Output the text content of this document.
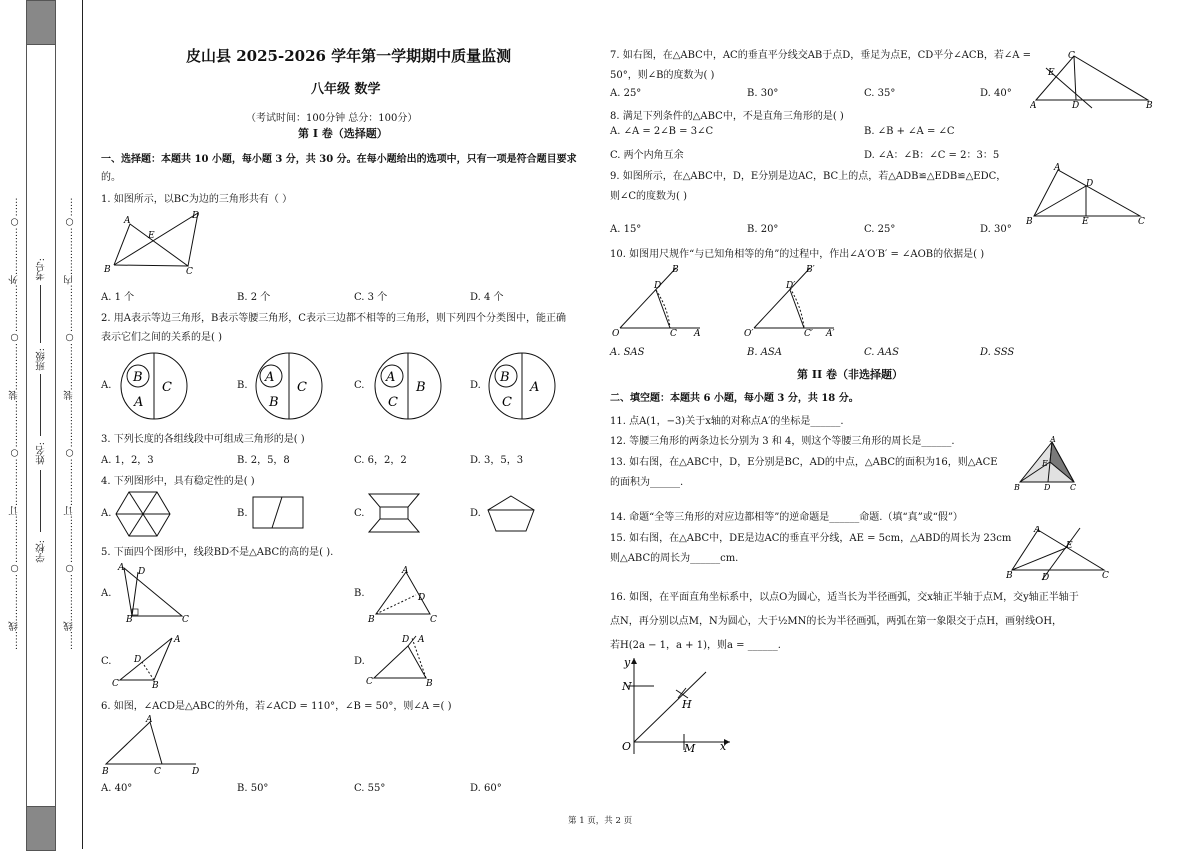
……线……………○……………订……………○……………装……………○……………外……………○…… 学校:
姓名:
班级:
考号: ……线……………○……………订……………○……………装……………○……………内……………○……
皮山县 2025-2026 学年第一学期期中质量监测
八年级 数学
（考试时间：100分钟 总分：100分）
第 I 卷（选择题）
一、选择题：本题共 10 小题，每小题 3 分，共 30 分。在每小题给出的选项中，只有一项是符合题目要求
的。
1. 如图所示，以BC为边的三角形共有（ ）
A
E
D
B	C
A. 1 个	B. 2 个	C. 3 个	D. 4 个
2. 用A表示等边三角形，B表示等腰三角形，C表示三边都不相等的三角形，则下列四个分类图中，能正确
表示它们之间的关系的是( )
A.
B
A
C	B.
A
B
C	C.
A
C
B	D.
B
C
A
3. 下列长度的各组线段中可组成三角形的是( )
A. 1，2，3	B. 2，5，8	C. 6，2，2	D. 3，5，3
4. 下列图形中，具有稳定性的是( )
A.	B.	C.	D.
5. 下面四个图形中，线段BD不是△ABC的高的是( ).
A.
A D
B	C
B.
A
D
B	C
C.
A
D
C	B
D.
D A
C	B
6. 如图，∠ACD是△ABC的外角，若∠ACD = 110°，∠B = 50°，则∠A =( )
A
B	C	D
A. 40°	B. 50°	C. 55°	D. 60°
7. 如右图，在△ABC中，AC的垂直平分线交AB于点D，垂足为点E，CD平分∠ACB，若∠A =
50°，则∠B的度数为( )
C
E
A	D	B
A. 25°	B. 30°	C. 35°	D. 40°
8. 满足下列条件的△ABC中，不是直角三角形的是( )
A. ∠A = 2∠B = 3∠C	B. ∠B + ∠A = ∠C
C. 两个内角互余	D. ∠A：∠B：∠C = 2：3：5
9. 如图所示，在△ABC中，D，E分别是边AC，BC上的点，若△ADB≌△EDB≌△EDC，
则∠C的度数为( )
A
D
B	E	C
A. 15°	B. 20°	C. 25°	D. 30°
10. 如图用尺规作“与已知角相等的角”的过程中，作出∠A′O′B′ = ∠AOB的依据是( )
B
D
O	C A
B′
D′
O′	C′ A′
A. SAS	B. ASA	C. AAS	D. SSS
第 II 卷（非选择题）
二、填空题：本题共 6 小题，每小题 3 分，共 18 分。
11. 点A(1，−3)关于x轴的对称点A′的坐标是______.
12. 等腰三角形的两条边长分别为 3 和 4，则这个等腰三角形的周长是______.
13. 如右图，在△ABC中，D，E分别是BC，AD的中点，△ABC的面积为16，则△ACE
的面积为______.
A
E
B	D C
14. 命题“全等三角形的对应边都相等”的逆命题是______命题.（填“真”或“假”）
15. 如右图，在△ABC中，DE是边AC的垂直平分线，AE = 5cm，△ABD的周长为 23cm
则△ABC的周长为______cm.
A
E
B	D	C
16. 如图，在平面直角坐标系中，以点O为圆心，适当长为半径画弧，交x轴正半轴于点M，交y轴正半轴于
点N，再分别以点M，N为圆心，大于½MN的长为半径画弧，两弧在第一象限交于点H，画射线OH，
若H(2a − 1，a + 1)，则a = ______.
y
N
H
O	M x
第 1 页，共 2 页
